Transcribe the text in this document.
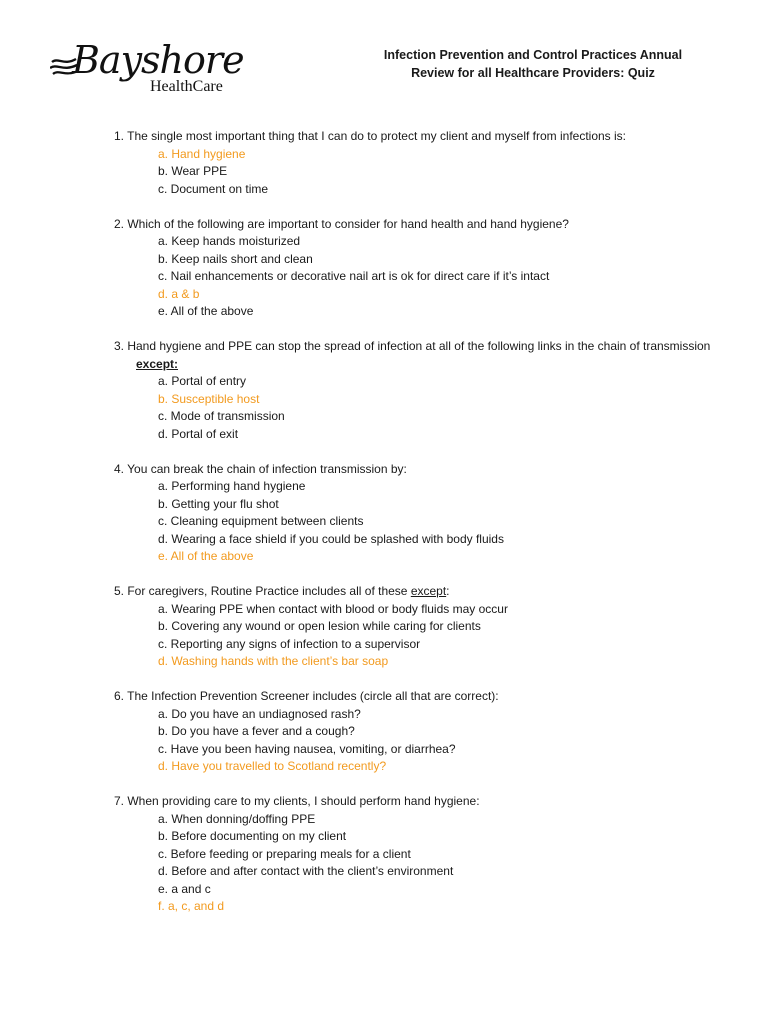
Bayshore
HealthCare
Infection Prevention and Control Practices Annual
Review for all Healthcare Providers: Quiz

1. The single most important thing that I can do to protect my client and myself from infections is:

a. Hand hygiene
b. Wear PPE
c. Document on time

2. Which of the following are important to consider for hand health and hand hygiene?

a. Keep hands moisturized
b. Keep nails short and clean
c. Nail enhancements or decorative nail art is ok for direct care if it’s intact
d. a & b
e. All of the above

3. Hand hygiene and PPE can stop the spread of infection at all of the following links in the chain of transmission except:

a. Portal of entry
b. Susceptible host
c. Mode of transmission
d. Portal of exit

4. You can break the chain of infection transmission by:

a. Performing hand hygiene
b. Getting your flu shot
c. Cleaning equipment between clients
d. Wearing a face shield if you could be splashed with body fluids
e. All of the above

5. For caregivers, Routine Practice includes all of these except:

a. Wearing PPE when contact with blood or body fluids may occur
b. Covering any wound or open lesion while caring for clients
c. Reporting any signs of infection to a supervisor
d. Washing hands with the client’s bar soap

6. The Infection Prevention Screener includes (circle all that are correct):

a. Do you have an undiagnosed rash?
b. Do you have a fever and a cough?
c. Have you been having nausea, vomiting, or diarrhea?
d. Have you travelled to Scotland recently?

7. When providing care to my clients, I should perform hand hygiene:

a. When donning/doffing PPE
b. Before documenting on my client
c. Before feeding or preparing meals for a client
d. Before and after contact with the client’s environment
e. a and c
f. a, c, and d
